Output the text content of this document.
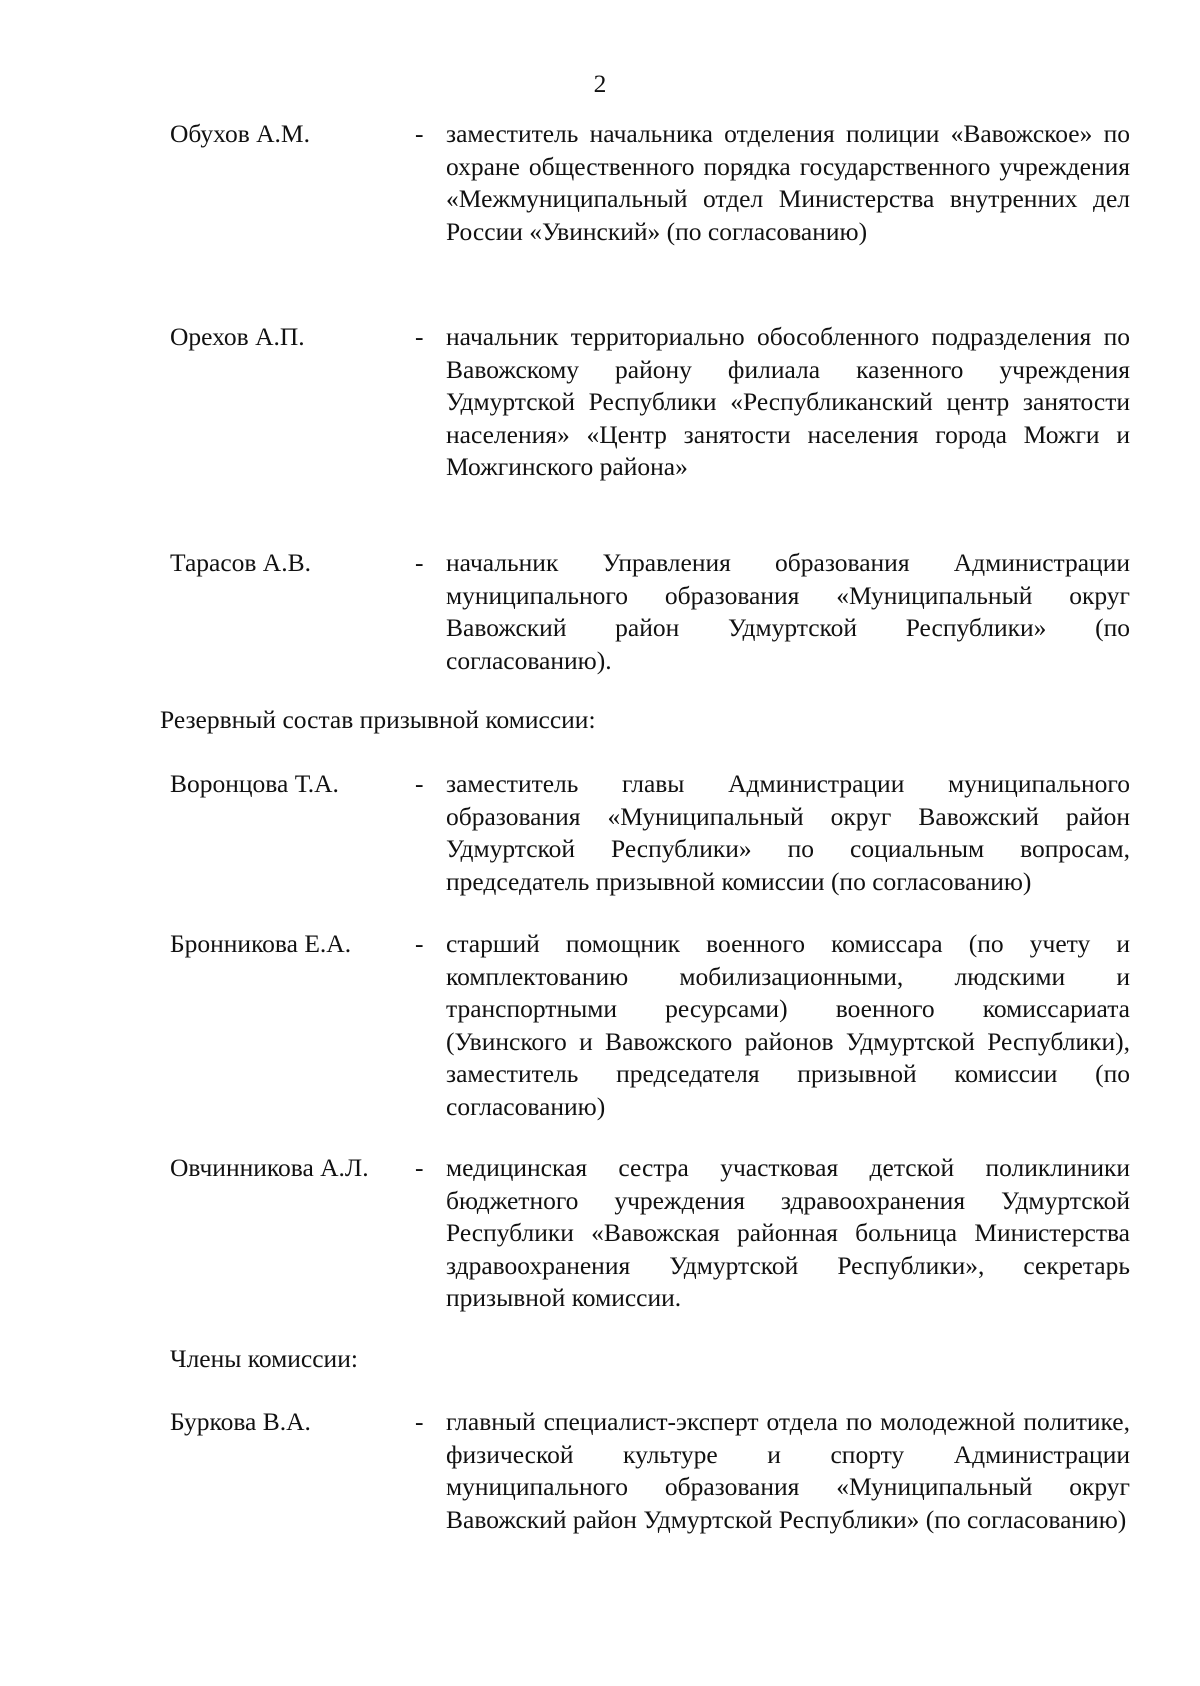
2
Обухов А.М.	- заместитель начальника отделения полиции «Вавожское» по охране общественного порядка государственного учреждения «Межмуниципальный отдел Министерства внутренних дел России «Увинский» (по согласованию)
Орехов А.П.	- начальник территориально обособленного подразделения по Вавожскому району филиала казенного учреждения Удмуртской Республики «Республиканский центр занятости населения» «Центр занятости населения города Можги и Можгинского района»
Тарасов А.В.	- начальник Управления образования Администрации муниципального образования «Муниципальный округ Вавожский район Удмуртской Республики» (по согласованию).
Резервный состав призывной комиссии:
Воронцова Т.А.	- заместитель главы Администрации муниципального образования «Муниципальный округ Вавожский район Удмуртской Республики» по социальным вопросам, председатель призывной комиссии (по согласованию)
Бронникова Е.А.	- старший помощник военного комиссара (по учету и комплектованию мобилизационными, людскими и транспортными ресурсами) военного комиссариата (Увинского и Вавожского районов Удмуртской Республики), заместитель председателя призывной комиссии (по согласованию)
Овчинникова А.Л. - медицинская сестра участковая детской поликлиники бюджетного учреждения здравоохранения Удмуртской Республики «Вавожская районная больница Министерства здравоохранения Удмуртской Республики», секретарь призывной комиссии.
Члены комиссии:
Буркова В.А.	- главный специалист-эксперт отдела по молодежной политике, физической культуре и спорту Администрации муниципального образования «Муниципальный округ Вавожский район Удмуртской Республики» (по согласованию)
